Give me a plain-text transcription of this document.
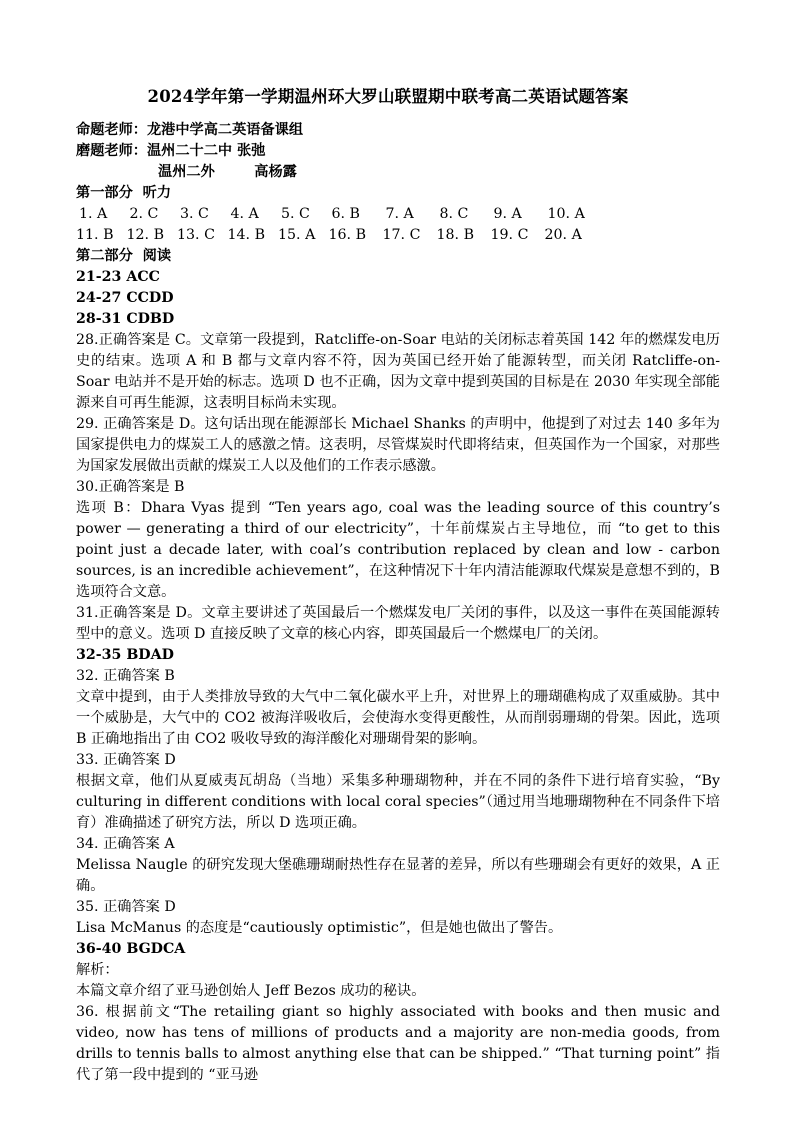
2024学年第一学期温州环大罗山联盟期中联考高二英语试题答案
命题老师：龙港中学高二英语备课组
磨题老师：温州二十二中 张弛
温州二外        高杨露
第一部分  听力
1. A	2. C	3. C	4. A	5. C	6. B	7. A	8. C	9. A	10. A
11. B 12. B 13. C 14. B 15. A 16. B	17. C	18. B	19. C	20. A
第二部分  阅读
21-23 ACC
24-27 CCDD
28-31 CDBD
28.正确答案是 C。文章第一段提到，Ratcliffe-on-Soar 电站的关闭标志着英国 142 年的燃煤发电历史的结束。选项 A 和 B 都与文章内容不符，因为英国已经开始了能源转型，而关闭 Ratcliffe-on-Soar 电站并不是开始的标志。选项 D 也不正确，因为文章中提到英国的目标是在 2030 年实现全部能源来自可再生能源，这表明目标尚未实现。
29. 正确答案是 D。这句话出现在能源部长 Michael Shanks 的声明中，他提到了对过去 140 多年为国家提供电力的煤炭工人的感激之情。这表明，尽管煤炭时代即将结束，但英国作为一个国家，对那些为国家发展做出贡献的煤炭工人以及他们的工作表示感激。
30.正确答案是 B
选项 B：Dhara Vyas 提到 “Ten years ago, coal was the leading source of this country’s power — generating a third of our electricity”，十年前煤炭占主导地位，而 “to get to this point just a decade later, with coal’s contribution replaced by clean and low - carbon sources, is an incredible achievement”，在这种情况下十年内清洁能源取代煤炭是意想不到的，B 选项符合文意。
31.正确答案是 D。文章主要讲述了英国最后一个燃煤发电厂关闭的事件，以及这一事件在英国能源转型中的意义。选项 D 直接反映了文章的核心内容，即英国最后一个燃煤电厂的关闭。
32-35 BDAD
32. 正确答案 B
文章中提到，由于人类排放导致的大气中二氧化碳水平上升，对世界上的珊瑚礁构成了双重威胁。其中一个威胁是，大气中的 CO2 被海洋吸收后，会使海水变得更酸性，从而削弱珊瑚的骨架。因此，选项 B 正确地指出了由 CO2 吸收导致的海洋酸化对珊瑚骨架的影响。
33. 正确答案 D
根据文章，他们从夏威夷瓦胡岛（当地）采集多种珊瑚物种，并在不同的条件下进行培育实验，“By culturing in different conditions with local coral species”（通过用当地珊瑚物种在不同条件下培育）准确描述了研究方法，所以 D 选项正确。
34. 正确答案 A
Melissa Naugle 的研究发现大堡礁珊瑚耐热性存在显著的差异，所以有些珊瑚会有更好的效果，A 正确。
35. 正确答案 D
Lisa McManus 的态度是“cautiously optimistic”，但是她也做出了警告。
36-40 BGDCA
解析：
本篇文章介绍了亚马逊创始人 Jeff Bezos 成功的秘诀。
36. 根据前文“The retailing giant so highly associated with books and then music and video, now has tens of millions of products and a majority are non-media goods, from drills to tennis balls to almost anything else that can be shipped.” “That turning point” 指代了第一段中提到的 “亚马逊
